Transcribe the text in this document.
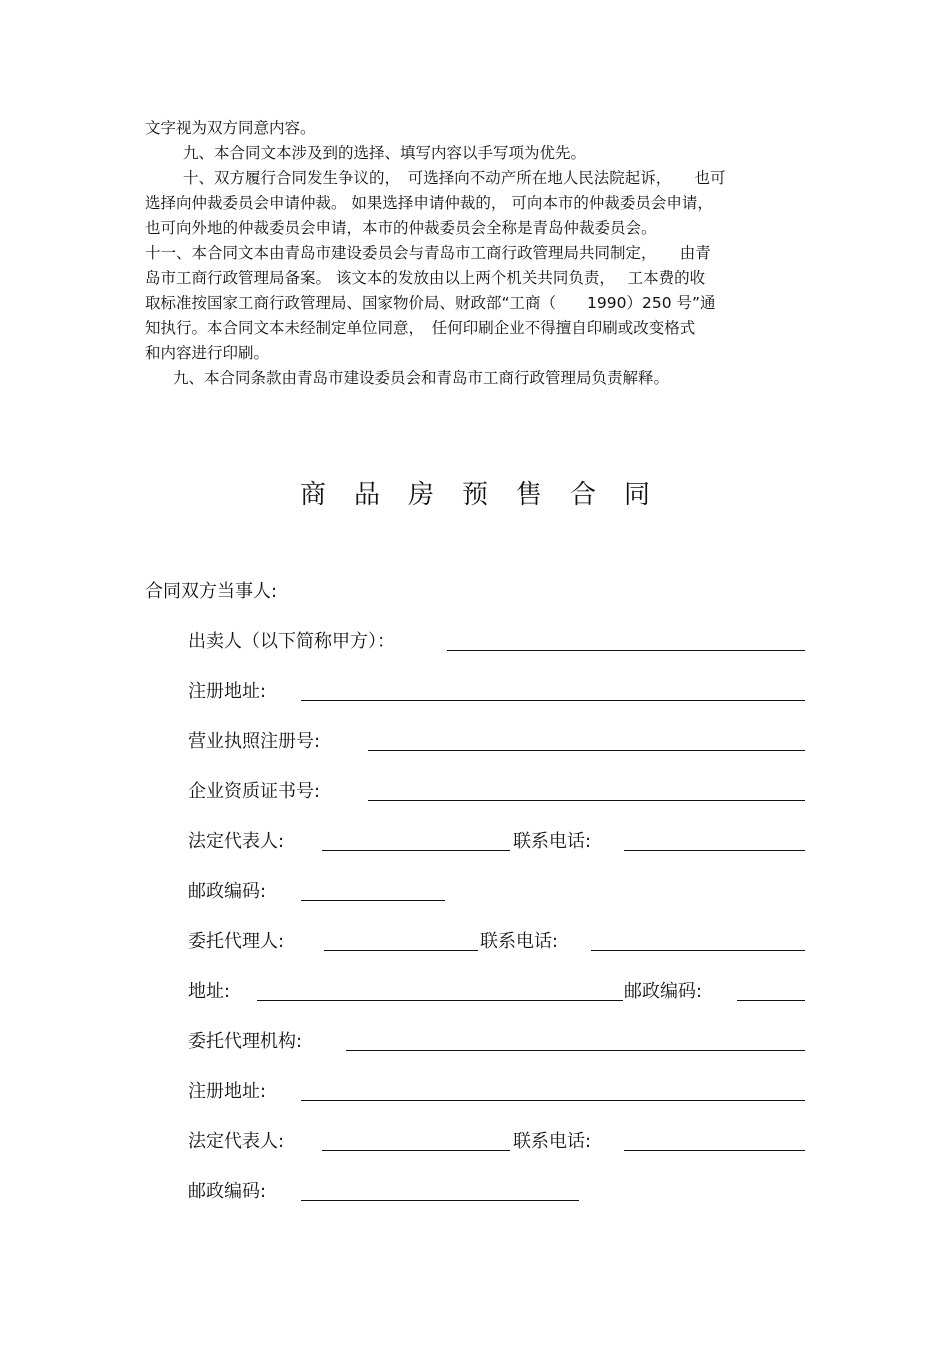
文字视为双方同意内容。

九、本合同文本涉及到的选择、填写内容以手写项为优先。

十、双方履行合同发生争议的，　可选择向不动产所在地人民法院起诉，　　也可

选择向仲裁委员会申请仲裁。 如果选择申请仲裁的， 可向本市的仲裁委员会申请，

也可向外地的仲裁委员会申请，本市的仲裁委员会全称是青岛仲裁委员会。

十一、本合同文本由青岛市建设委员会与青岛市工商行政管理局共同制定，　　由青

岛市工商行政管理局备案。 该文本的发放由以上两个机关共同负责，　 工本费的收

取标准按国家工商行政管理局、国家物价局、财政部“工商（　　1990）250 号”通

知执行。本合同文本未经制定单位同意，　任何印刷企业不得擅自印刷或改变格式

和内容进行印刷。

九、本合同条款由青岛市建设委员会和青岛市工商行政管理局负责解释。

商品房预售合同
合同双方当事人:
出卖人（以下简称甲方）：
注册地址:
营业执照注册号:
企业资质证书号:
法定代表人:	联系电话:
邮政编码:
委托代理人:	联系电话:
地址:	邮政编码:
委托代理机构:
注册地址:
法定代表人:	联系电话:
邮政编码:
